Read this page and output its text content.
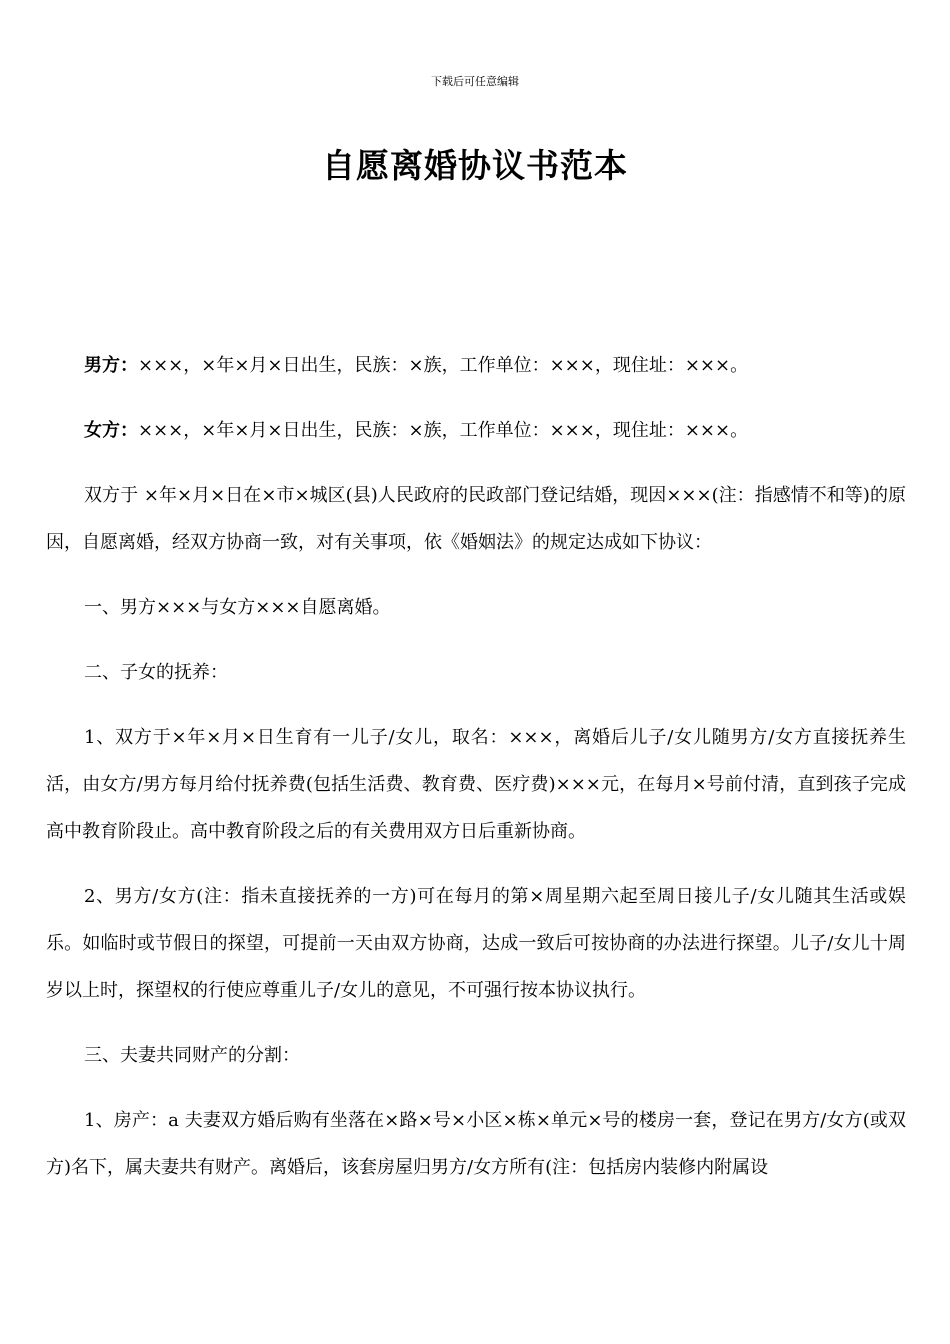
下载后可任意编辑
自愿离婚协议书范本

男方：×××，×年×月×日出生，民族：×族，工作单位：×××，现住址：×××。

女方：×××，×年×月×日出生，民族：×族，工作单位：×××，现住址：×××。

双方于 ×年×月×日在×市×城区(县)人民政府的民政部门登记结婚，现因×××(注：指感情不和等)的原因，自愿离婚，经双方协商一致，对有关事项，依《婚姻法》的规定达成如下协议：

一、男方×××与女方×××自愿离婚。

二、子女的抚养：

1、双方于×年×月×日生育有一儿子/女儿，取名：×××，离婚后儿子/女儿随男方/女方直接抚养生活，由女方/男方每月给付抚养费(包括生活费、教育费、医疗费)×××元，在每月×号前付清，直到孩子完成高中教育阶段止。高中教育阶段之后的有关费用双方日后重新协商。

2、男方/女方(注：指未直接抚养的一方)可在每月的第×周星期六起至周日接儿子/女儿随其生活或娱乐。如临时或节假日的探望，可提前一天由双方协商，达成一致后可按协商的办法进行探望。儿子/女儿十周岁以上时，探望权的行使应尊重儿子/女儿的意见，不可强行按本协议执行。

三、夫妻共同财产的分割：

1、房产：a 夫妻双方婚后购有坐落在×路×号×小区×栋×单元×号的楼房一套，登记在男方/女方(或双方)名下，属夫妻共有财产。离婚后，该套房屋归男方/女方所有(注：包括房内装修内附属设
